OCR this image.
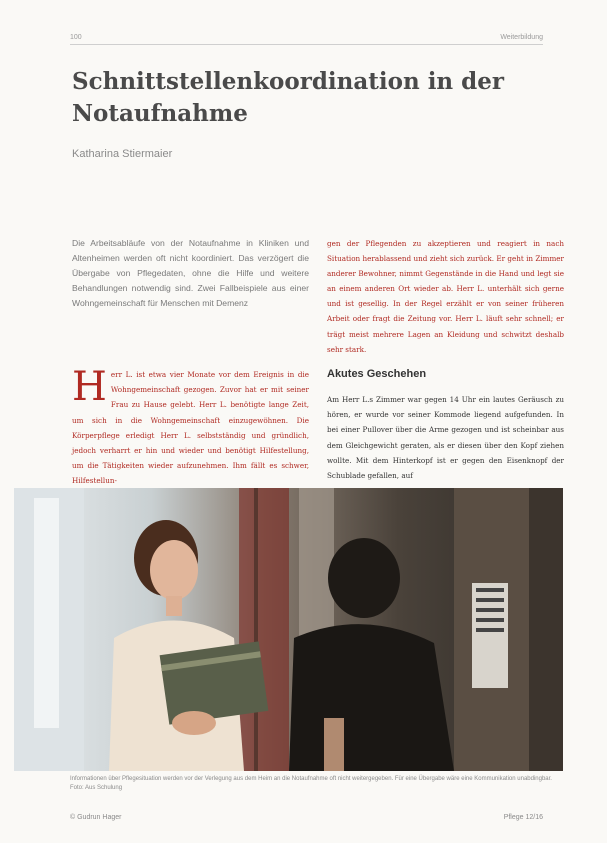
100	Weiterbildung
Schnittstellenkoordination in der Notaufnahme
Katharina Stiermaier

Die Arbeitsabläufe von der Notaufnahme in Kliniken und Altenheimen werden oft nicht koordiniert. Das verzögert die Übergabe von Pflegedaten, ohne die Hilfe und weitere Behandlungen notwendig sind. Zwei Fallbeispiele aus einer Wohngemeinschaft für Menschen mit Demenz

gen der Pflegenden zu akzeptieren und reagiert in nach Situation herablassend und zieht sich zurück. Er geht in Zimmer anderer Bewohner, nimmt Gegenstände in die Hand und legt sie an einem anderen Ort wieder ab. Herr L. unterhält sich gerne und ist gesellig. In der Regel erzählt er von seiner früheren Arbeit oder fragt die Zeitung vor. Herr L. läuft sehr schnell; er trägt meist mehrere Lagen an Kleidung und schwitzt deshalb sehr stark.

Herr L. ist etwa vier Monate vor dem Ereignis in die Wohngemeinschaft gezogen. Zuvor hat er mit seiner Frau zu Hause gelebt. Herr L. benötigte lange Zeit, um sich in die Wohngemeinschaft einzugewöhnen. Die Körperpflege erledigt Herr L. selbstständig und gründlich, jedoch verharrt er hin und wieder und benötigt Hilfestellung, um die Tätigkeiten wieder aufzunehmen. Ihm fällt es schwer, Hilfestellun-
Akutes Geschehen

Am Herr L.s Zimmer war gegen 14 Uhr ein lautes Geräusch zu hören, er wurde vor seiner Kommode liegend aufgefunden. In bei einer Pullover über die Arme gezogen und ist scheinbar aus dem Gleichgewicht geraten, als er diesen über den Kopf ziehen wollte. Mit dem Hinterkopf ist er gegen den Eisenknopf der Schublade gefallen, auf

Informationen über Pflegesituation werden vor der Verlegung aus dem Heim an die Notaufnahme oft nicht weitergegeben. Für eine Übergabe wäre eine Kommunikation unabdingbar. Foto: Aus Schulung

© Gudrun Hager	Pflege 12/16
